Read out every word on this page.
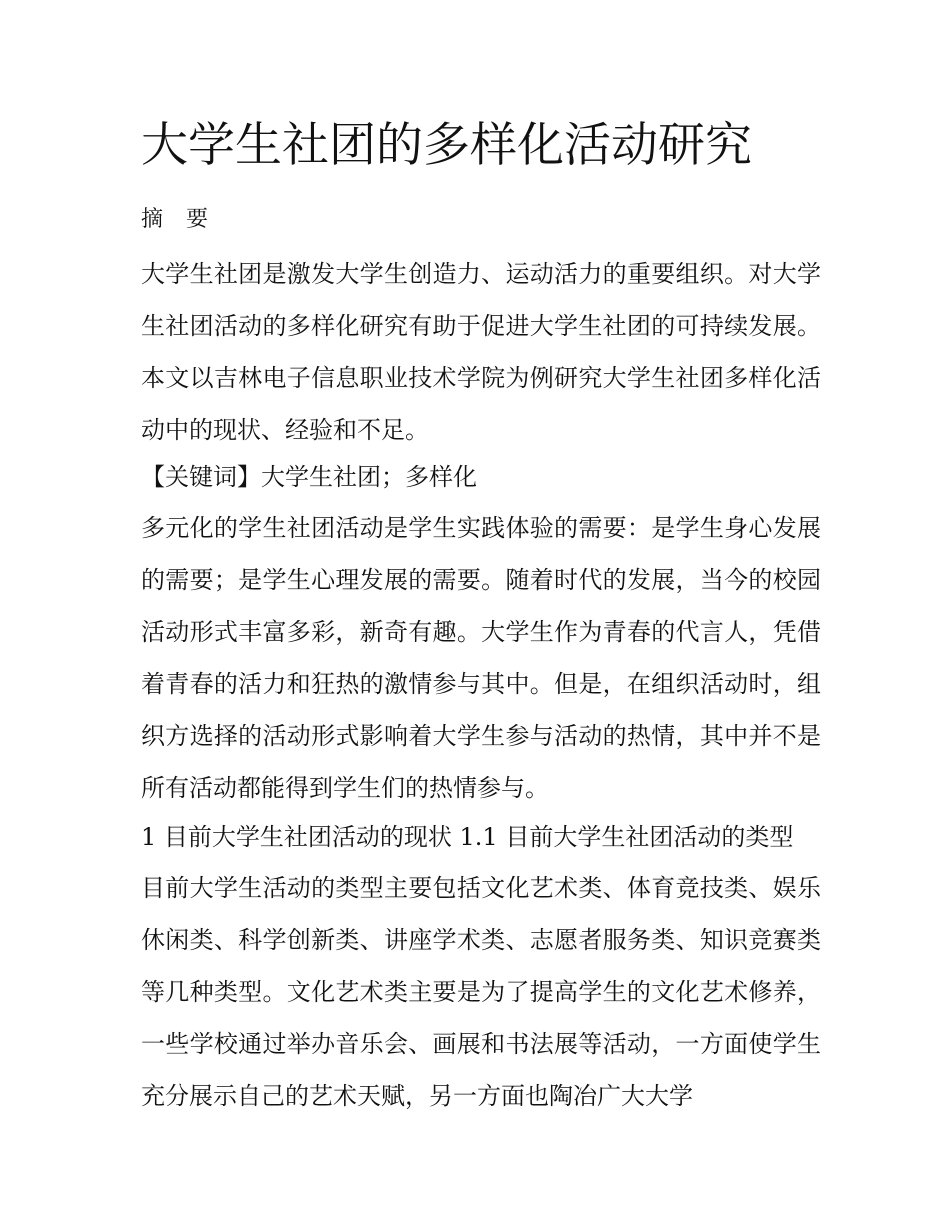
大学生社团的多样化活动研究
摘 要

大学生社团是激发大学生创造力、运动活力的重要组织。对大学生社团活动的多样化研究有助于促进大学生社团的可持续发展。本文以吉林电子信息职业技术学院为例研究大学生社团多样化活动中的现状、经验和不足。

【关键词】大学生社团；多样化

多元化的学生社团活动是学生实践体验的需要：是学生身心发展的需要；是学生心理发展的需要。随着时代的发展，当今的校园活动形式丰富多彩，新奇有趣。大学生作为青春的代言人，凭借着青春的活力和狂热的激情参与其中。但是，在组织活动时，组织方选择的活动形式影响着大学生参与活动的热情，其中并不是所有活动都能得到学生们的热情参与。

1 目前大学生社团活动的现状 1.1 目前大学生社团活动的类型

目前大学生活动的类型主要包括文化艺术类、体育竞技类、娱乐休闲类、科学创新类、讲座学术类、志愿者服务类、知识竞赛类等几种类型。文化艺术类主要是为了提高学生的文化艺术修养，一些学校通过举办音乐会、画展和书法展等活动，一方面使学生充分展示自己的艺术天赋，另一方面也陶冶广大大学
